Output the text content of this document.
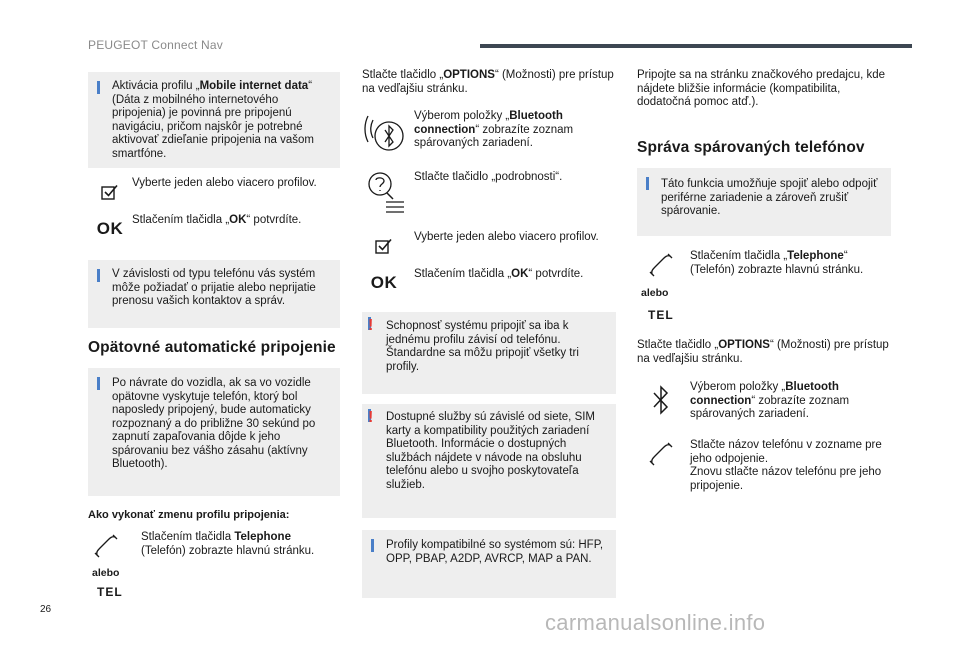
PEUGEOT Connect Nav
Aktivácia profilu „Mobile internet data“ (Dáta z mobilného internetového pripojenia) je povinná pre pripojenú navigáciu, pričom najskôr je potrebné aktivovať zdieľanie pripojenia na vašom smartfóne.
Vyberte jeden alebo viacero profilov.
OK Stlačením tlačidla „OK“ potvrdíte.
V závislosti od typu telefónu vás systém môže požiadať o prijatie alebo neprijatie prenosu vašich kontaktov a správ.
Opätovné automatické pripojenie
Po návrate do vozidla, ak sa vo vozidle opätovne vyskytuje telefón, ktorý bol naposledy pripojený, bude automaticky rozpoznaný a do približne 30 sekúnd po zapnutí zapaľovania dôjde k jeho spárovaniu bez vášho zásahu (aktívny Bluetooth).
Ako vykonať zmenu profilu pripojenia:
alebo
TEL
Stlačením tlačidla Telephone (Telefón) zobrazte hlavnú stránku.
Stlačte tlačidlo „OPTIONS“ (Možnosti) pre prístup na vedľajšiu stránku.
Výberom položky „Bluetooth connection“ zobrazíte zoznam spárovaných zariadení.
Stlačte tlačidlo „podrobnosti“.
Vyberte jeden alebo viacero profilov.
OK Stlačením tlačidla „OK“ potvrdíte.
! Schopnosť systému pripojiť sa iba k jednému profilu závisí od telefónu. Štandardne sa môžu pripojiť všetky tri profily.
! Dostupné služby sú závislé od siete, SIM karty a kompatibility použitých zariadení Bluetooth. Informácie o dostupných službách nájdete v návode na obsluhu telefónu alebo u svojho poskytovateľa služieb.
Profily kompatibilné so systémom sú: HFP, OPP, PBAP, A2DP, AVRCP, MAP a PAN.
Pripojte sa na stránku značkového predajcu, kde nájdete bližšie informácie (kompatibilita, dodatočná pomoc atď.).
Správa spárovaných telefónov
Táto funkcia umožňuje spojiť alebo odpojiť periférne zariadenie a zároveň zrušiť spárovanie.
alebo
TEL
Stlačením tlačidla „Telephone“ (Telefón) zobrazte hlavnú stránku.
Stlačte tlačidlo „OPTIONS“ (Možnosti) pre prístup na vedľajšiu stránku.
Výberom položky „Bluetooth connection“ zobrazíte zoznam spárovaných zariadení.
Stlačte názov telefónu v zozname pre jeho odpojenie.
Znovu stlačte názov telefónu pre jeho pripojenie.
26
carmanualsonline.info
